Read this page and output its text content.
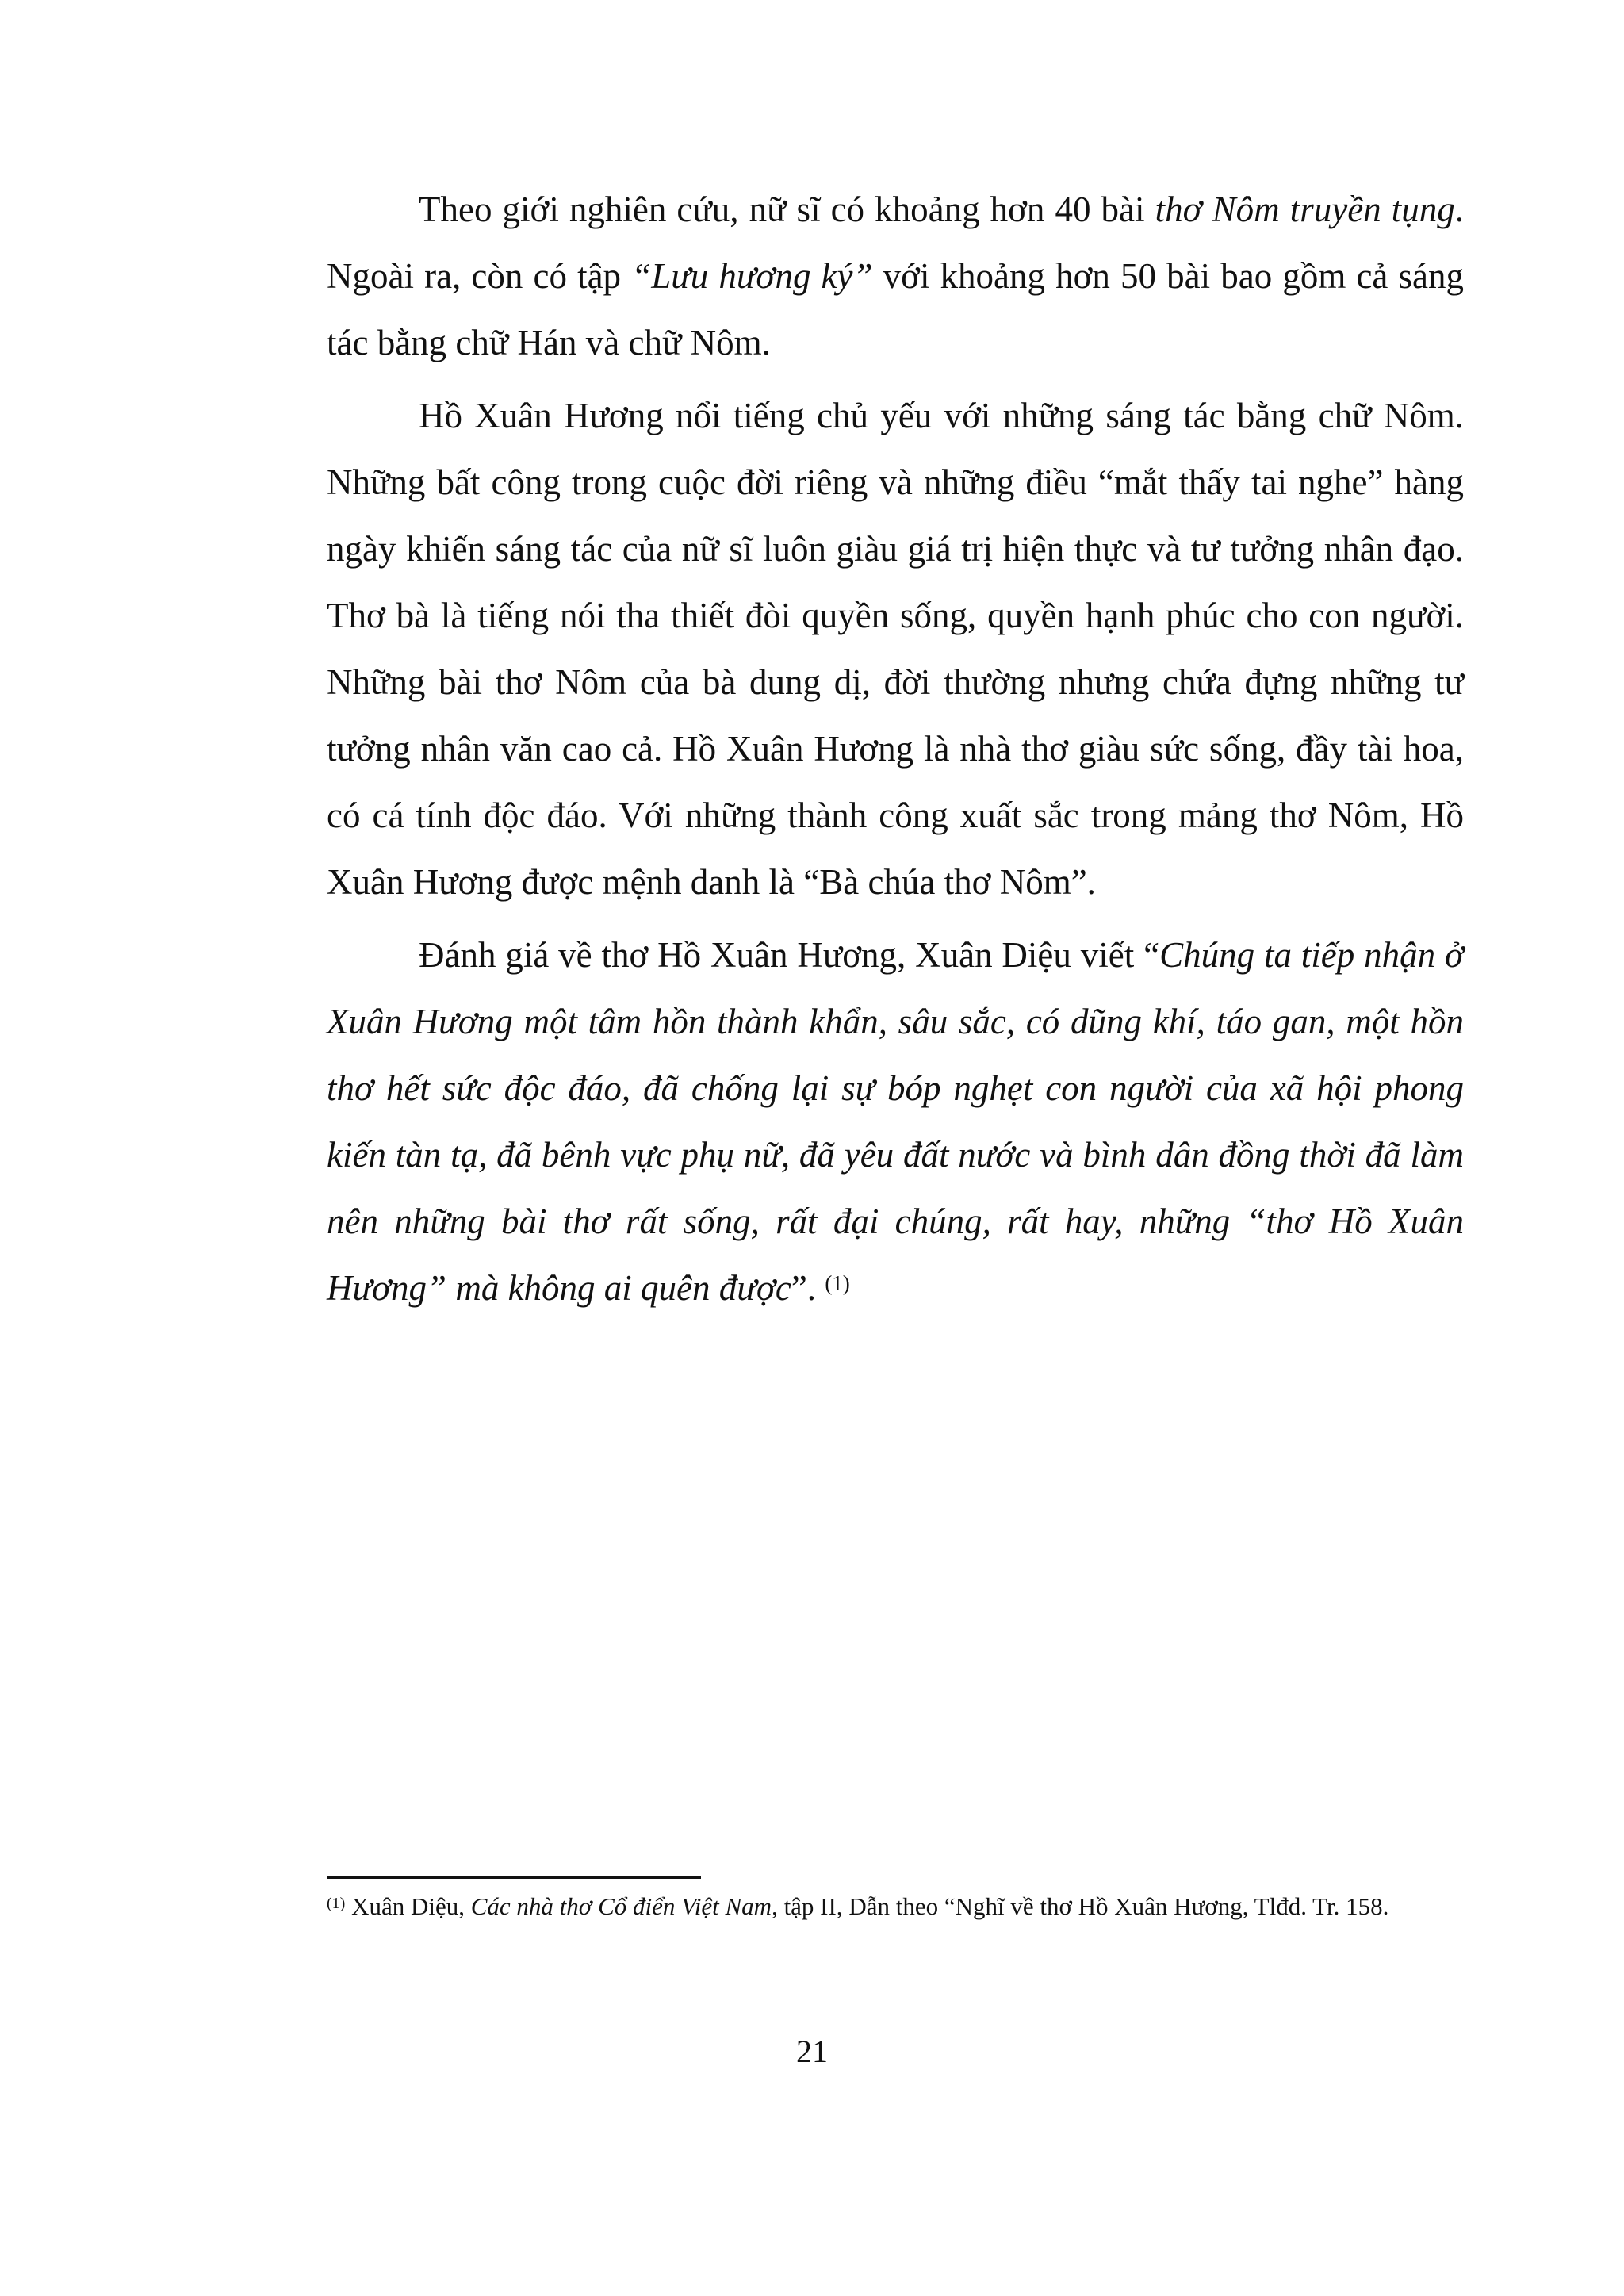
Theo giới nghiên cứu, nữ sĩ có khoảng hơn 40 bài thơ Nôm truyền tụng. Ngoài ra, còn có tập “Lưu hương ký” với khoảng hơn 50 bài bao gồm cả sáng tác bằng chữ Hán và chữ Nôm.

Hồ Xuân Hương nổi tiếng chủ yếu với những sáng tác bằng chữ Nôm. Những bất công trong cuộc đời riêng và những điều “mắt thấy tai nghe” hàng ngày khiến sáng tác của nữ sĩ luôn giàu giá trị hiện thực và tư tưởng nhân đạo. Thơ bà là tiếng nói tha thiết đòi quyền sống, quyền hạnh phúc cho con người. Những bài thơ Nôm của bà dung dị, đời thường nhưng chứa đựng những tư tưởng nhân văn cao cả. Hồ Xuân Hương là nhà thơ giàu sức sống, đầy tài hoa, có cá tính độc đáo. Với những thành công xuất sắc trong mảng thơ Nôm, Hồ Xuân Hương được mệnh danh là “Bà chúa thơ Nôm”.

Đánh giá về thơ Hồ Xuân Hương, Xuân Diệu viết “Chúng ta tiếp nhận ở Xuân Hương một tâm hồn thành khẩn, sâu sắc, có dũng khí, táo gan, một hồn thơ hết sức độc đáo, đã chống lại sự bóp nghẹt con người của xã hội phong kiến tàn tạ, đã bênh vực phụ nữ, đã yêu đất nước và bình dân đồng thời đã làm nên những bài thơ rất sống, rất đại chúng, rất hay, những “thơ Hồ Xuân Hương” mà không ai quên được”. $^{(1)}$

$^{(1)}$ Xuân Diệu, Các nhà thơ Cổ điển Việt Nam, tập II, Dẫn theo “Nghĩ về thơ Hồ Xuân Hương, Tlđd. Tr. 158.
21
